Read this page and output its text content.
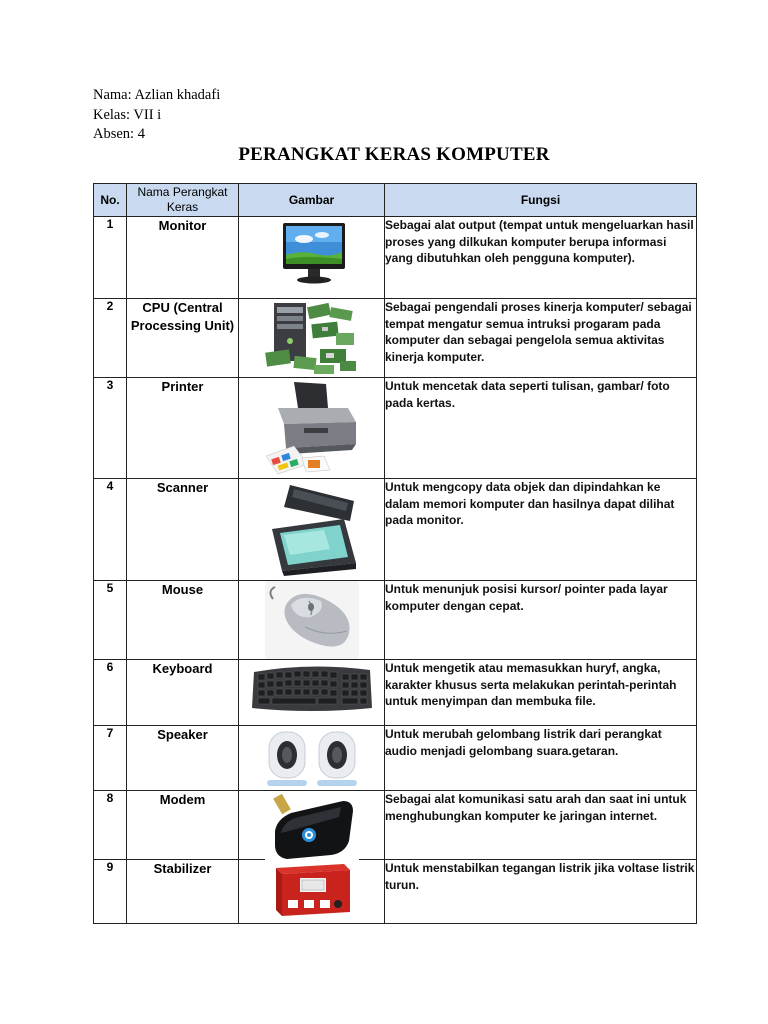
Nama: Azlian khadafi
Kelas: VII i
Absen: 4
PERANGKAT KERAS KOMPUTER
No.	Nama Perangkat Keras	Gambar	Fungsi
1	Monitor		Sebagai alat output (tempat untuk mengeluarkan hasil proses yang dilkukan komputer berupa informasi yang dibutuhkan oleh pengguna komputer).
2	CPU (Central Processing Unit)		Sebagai pengendali proses kinerja komputer/ sebagai tempat mengatur semua intruksi progaram pada komputer dan sebagai pengelola semua aktivitas kinerja komputer.
3	Printer		Untuk mencetak data seperti tulisan, gambar/ foto pada kertas.
4	Scanner		Untuk mengcopy data objek dan dipindahkan ke dalam memori komputer dan hasilnya dapat dilihat pada monitor.
5	Mouse		Untuk menunjuk posisi kursor/ pointer pada layar komputer dengan cepat.
6	Keyboard		Untuk mengetik atau memasukkan huryf, angka, karakter khusus serta melakukan perintah-perintah untuk menyimpan dan membuka file.
7	Speaker		Untuk merubah gelombang listrik dari perangkat audio menjadi gelombang suara.getaran.
8	Modem		Sebagai alat komunikasi satu arah dan saat ini untuk menghubungkan komputer ke jaringan internet.
9	Stabilizer		Untuk menstabilkan tegangan listrik jika voltase listrik turun.
